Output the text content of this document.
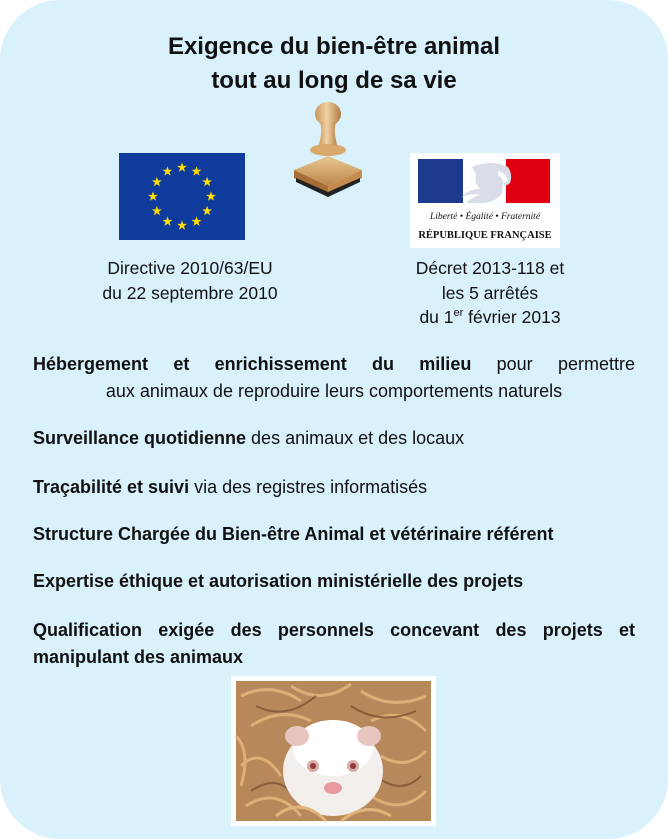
Exigence du bien-être animal
tout au long de sa vie
Liberté • Égalité • Fraternité
RÉPUBLIQUE FRANÇAISE
Directive 2010/63/EU
du 22 septembre 2010
Décret 2013-118 et
les 5 arrêtés
du 1er février 2013
Hébergement et enrichissement du milieu pour permettre
aux animaux de reproduire leurs comportements naturels
Surveillance quotidienne des animaux et des locaux
Traçabilité et suivi via des registres informatisés
Structure Chargée du Bien-être Animal et vétérinaire référent
Expertise éthique et autorisation ministérielle des projets
Qualification exigée des personnels concevant des projets et
manipulant des animaux
